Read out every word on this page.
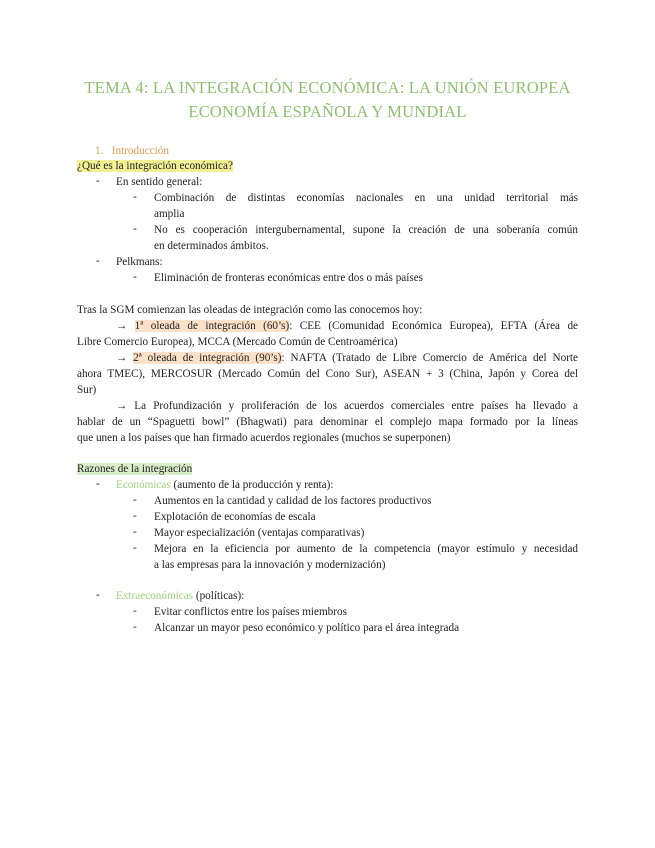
TEMA 4: LA INTEGRACIÓN ECONÓMICA: LA UNIÓN EUROPEA
ECONOMÍA ESPAÑOLA Y MUNDIAL
1. Introducción
¿Qué es la integración económica?
- En sentido general:
- Combinación de distintas economías nacionales en una unidad territorial más
amplia
- No es cooperación intergubernamental, supone la creación de una soberanía común
en determinados ámbitos.
- Pelkmans:
- Eliminación de fronteras económicas entre dos o más países
Tras la SGM comienzan las oleadas de integración como las conocemos hoy:
→ 1ª oleada de integración (60’s): CEE (Comunidad Económica Europea), EFTA (Área de
Libre Comercio Europea), MCCA (Mercado Común de Centroamérica)
→ 2ª oleada de integración (90’s): NAFTA (Tratado de Libre Comercio de América del Norte
ahora TMEC), MERCOSUR (Mercado Común del Cono Sur), ASEAN + 3 (China, Japón y Corea del
Sur)
→ La Profundización y proliferación de los acuerdos comerciales entre países ha llevado a
hablar de un “Spaguetti bowl” (Bhagwati) para denominar el complejo mapa formado por la líneas
que unen a los países que han firmado acuerdos regionales (muchos se superponen)
Razones de la integración
- Económicas (aumento de la producción y renta):
- Aumentos en la cantidad y calidad de los factores productivos
- Explotación de economías de escala
- Mayor especialización (ventajas comparativas)
- Mejora en la eficiencia por aumento de la competencia (mayor estímulo y necesidad
a las empresas para la innovación y modernización)
- Extraeconómicas (políticas):
- Evitar conflictos entre los países miembros
- Alcanzar un mayor peso económico y político para el área integrada
